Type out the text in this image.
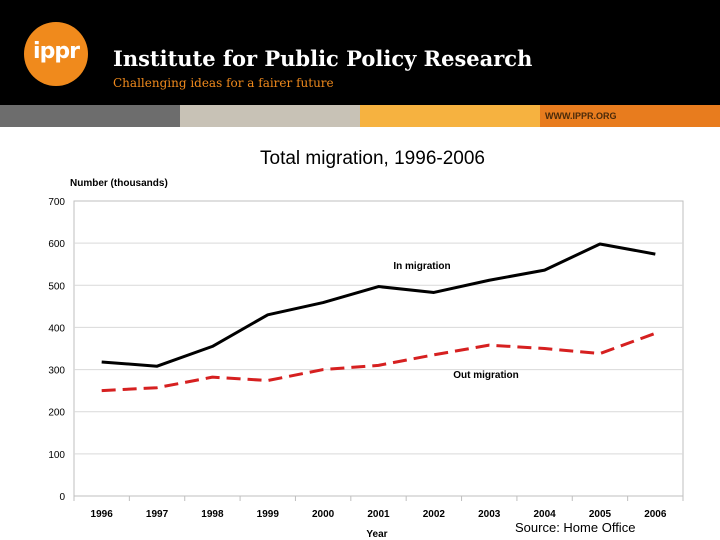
ippr Institute for Public Policy Research
Challenging ideas for a fairer future
WWW.IPPR.ORG
Total migration, 1996-2006
0
100
200
300
400
500
600
700
1996	1997	1998	1999	2000	2001	2002	2003	2004	2005	2006
Number (thousands)
Year
In migration
Out migration
Source: Home Office
